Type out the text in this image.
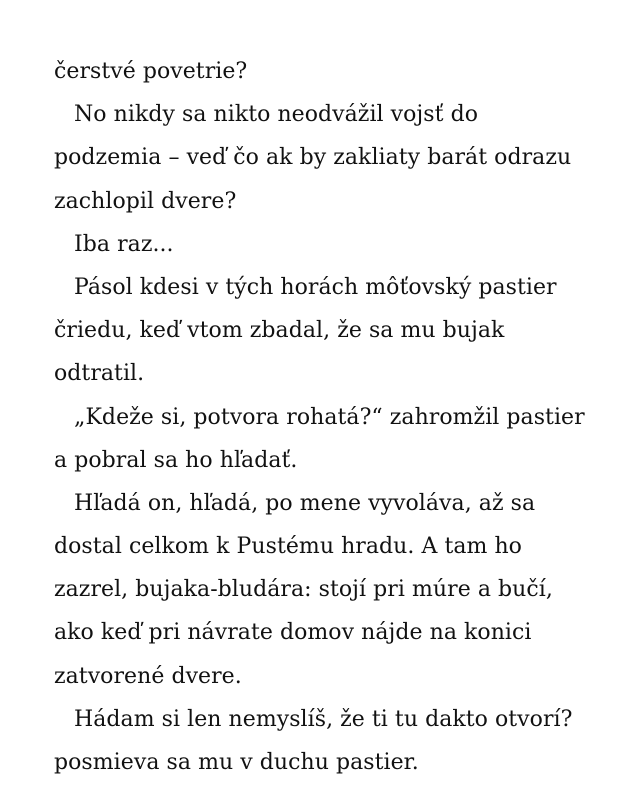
čerstvé povetrie?
No nikdy sa nikto neodvážil vojsť do
podzemia – veď čo ak by zakliaty barát odrazu
zachlopil dvere?
Iba raz...
Pásol kdesi v tých horách môťovský pastier
čriedu, keď vtom zbadal, že sa mu bujak
odtratil.
„Kdeže si, potvora rohatá?“ zahromžil pastier
a pobral sa ho hľadať.
Hľadá on, hľadá, po mene vyvoláva, až sa
dostal celkom k Pustému hradu. A tam ho
zazrel, bujaka-bludára: stojí pri múre a bučí,
ako keď pri návrate domov nájde na konici
zatvorené dvere.
Hádam si len nemyslíš, že ti tu dakto otvorí?
posmieva sa mu v duchu pastier.
